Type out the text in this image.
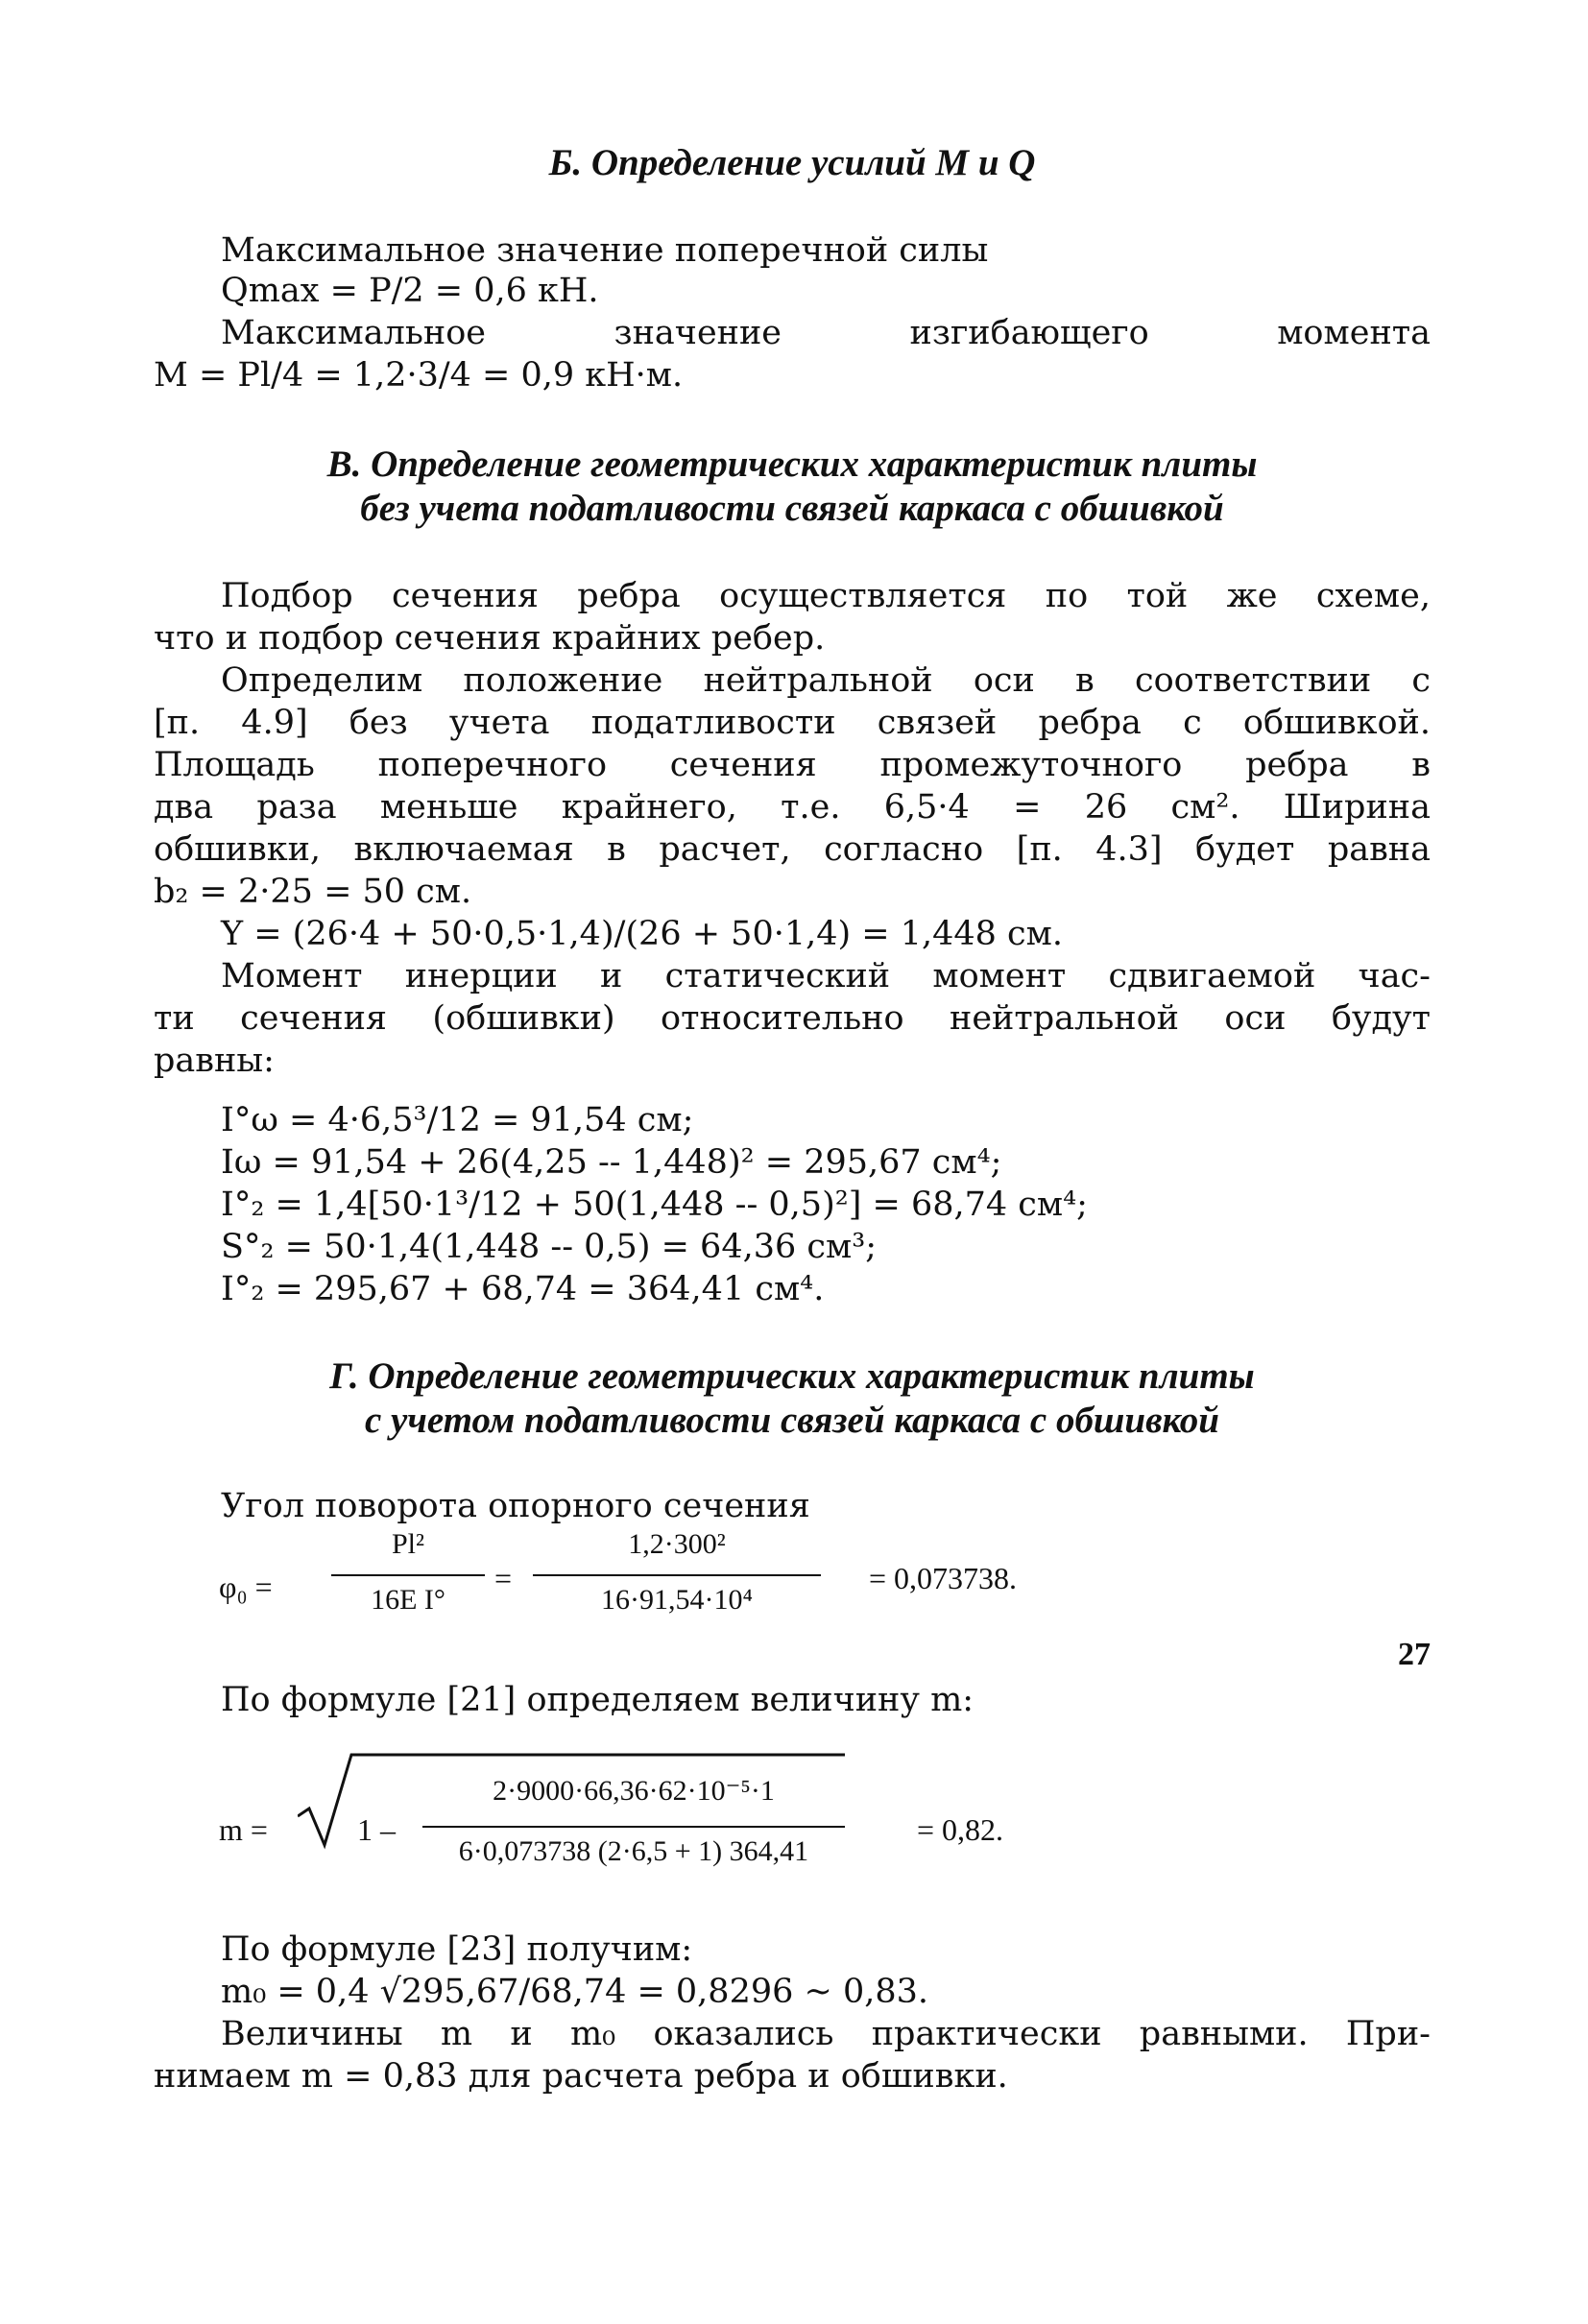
Б. Определение усилий M и Q
Максимальное значение поперечной силы
Qmax = P/2 = 0,6 кН.
Максимальное значение изгибающего момента
M = Pl/4 = 1,2·3/4 = 0,9 кН·м.
В. Определение геометрических характеристик плиты
без учета податливости связей каркаса с обшивкой
Подбор сечения ребра осуществляется по той же схеме,
что и подбор сечения крайних ребер.
Определим положение нейтральной оси в соответствии с
[п. 4.9] без учета податливости связей ребра с обшивкой.
Площадь поперечного сечения промежуточного ребра в
два раза меньше крайнего, т.е. 6,5·4 = 26 см². Ширина
обшивки, включаемая в расчет, согласно [п. 4.3] будет равна
b₂ = 2·25 = 50 см.
Y = (26·4 + 50·0,5·1,4)/(26 + 50·1,4) = 1,448 см.
Момент инерции и статический момент сдвигаемой час-
ти сечения (обшивки) относительно нейтральной оси будут
равны:
I°ω = 4·6,5³/12 = 91,54 см;
Iω = 91,54 + 26(4,25 -- 1,448)² = 295,67 см⁴;
I°₂ = 1,4[50·1³/12 + 50(1,448 -- 0,5)²] = 68,74 см⁴;
S°₂ = 50·1,4(1,448 -- 0,5) = 64,36 см³;
I°₂ = 295,67 + 68,74 = 364,41 см⁴.
Г. Определение геометрических характеристик плиты
с учетом податливости связей каркаса с обшивкой
Угол поворота опорного сечения
φ₀ =
Pl²
16E I°
=
1,2·300²
16·91,54·10⁴
= 0,073738.
27
По формуле [21] определяем величину m:
m =	1 –
2·9000·66,36·62·10⁻⁵·1
6·0,073738 (2·6,5 + 1) 364,41
= 0,82.
По формуле [23] получим:
m₀ = 0,4 √295,67/68,74 = 0,8296 ~ 0,83.
Величины m и m₀ оказались практически равными. При-
нимаем m = 0,83 для расчета ребра и обшивки.
